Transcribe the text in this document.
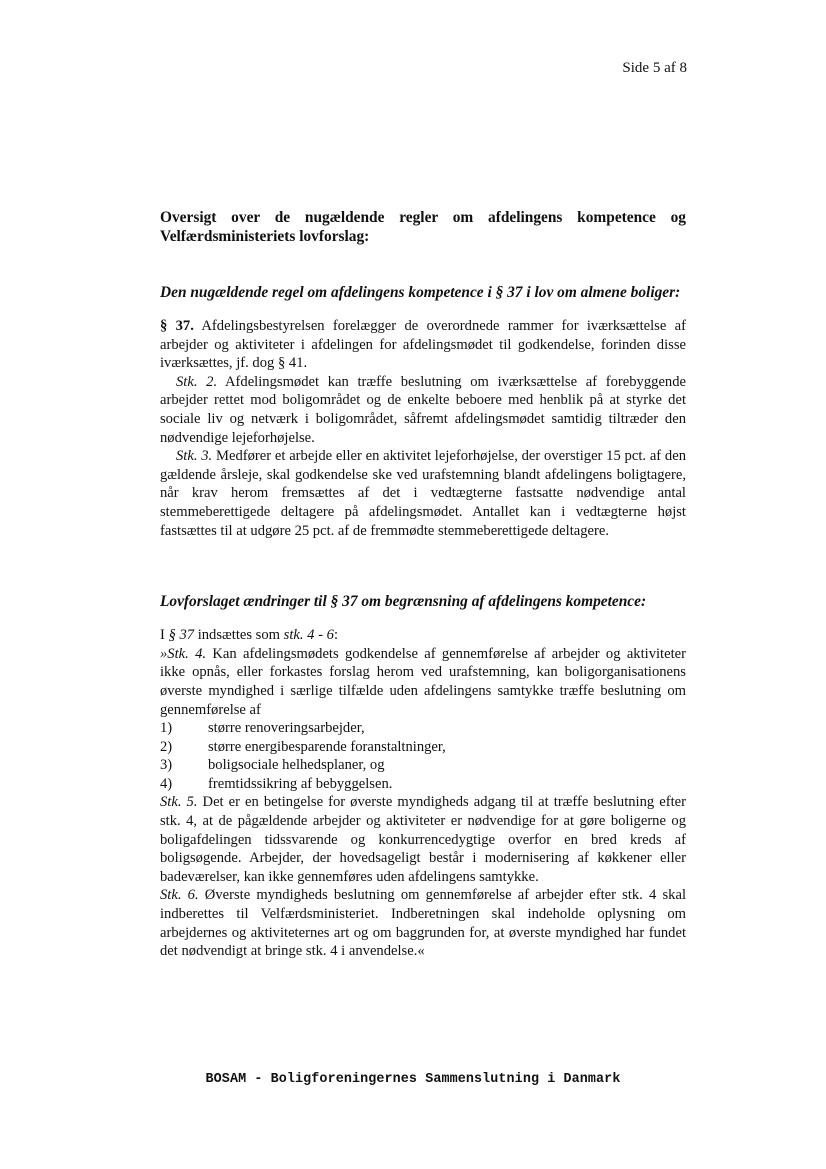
Side 5 af 8

Oversigt over de nugældende regler om afdelingens kompetence og Velfærdsministeriets lovforslag:

Den nugældende regel om afdelingens kompetence i § 37 i lov om almene boliger:

§ 37. Afdelingsbestyrelsen forelægger de overordnede rammer for iværksættelse af arbejder og aktiviteter i afdelingen for afdelingsmødet til godkendelse, forinden disse iværksættes, jf. dog § 41.

Stk. 2. Afdelingsmødet kan træffe beslutning om iværksættelse af forebyggende arbejder rettet mod boligområdet og de enkelte beboere med henblik på at styrke det sociale liv og netværk i boligområdet, såfremt afdelingsmødet samtidig tiltræder den nødvendige lejeforhøjelse.

Stk. 3. Medfører et arbejde eller en aktivitet lejeforhøjelse, der overstiger 15 pct. af den gældende årsleje, skal godkendelse ske ved urafstemning blandt afdelingens boligtagere, når krav herom fremsættes af det i vedtægterne fastsatte nødvendige antal stemmeberettigede deltagere på afdelingsmødet. Antallet kan i vedtægterne højst fastsættes til at udgøre 25 pct. af de fremmødte stemmeberettigede deltagere.

Lovforslaget ændringer til § 37 om begrænsning af afdelingens kompetence:

I § 37 indsættes som stk. 4 - 6:

»Stk. 4. Kan afdelingsmødets godkendelse af gennemførelse af arbejder og aktiviteter ikke opnås, eller forkastes forslag herom ved urafstemning, kan boligorganisationens øverste myndighed i særlige tilfælde uden afdelingens samtykke træffe beslutning om gennemførelse af

1)	større renoveringsarbejder,
2)	større energibesparende foranstaltninger,
3)	boligsociale helhedsplaner, og
4)	fremtidssikring af bebyggelsen.

Stk. 5. Det er en betingelse for øverste myndigheds adgang til at træffe beslutning efter stk. 4, at de pågældende arbejder og aktiviteter er nødvendige for at gøre boligerne og boligafdelingen tidssvarende og konkurrencedygtige overfor en bred kreds af boligsøgende. Arbejder, der hovedsageligt består i modernisering af køkkener eller badeværelser, kan ikke gennemføres uden afdelingens samtykke.

Stk. 6. Øverste myndigheds beslutning om gennemførelse af arbejder efter stk. 4 skal indberettes til Velfærdsministeriet. Indberetningen skal indeholde oplysning om arbejdernes og aktiviteternes art og om baggrunden for, at øverste myndighed har fundet det nødvendigt at bringe stk. 4 i anvendelse.«

BOSAM - Boligforeningernes Sammenslutning i Danmark
